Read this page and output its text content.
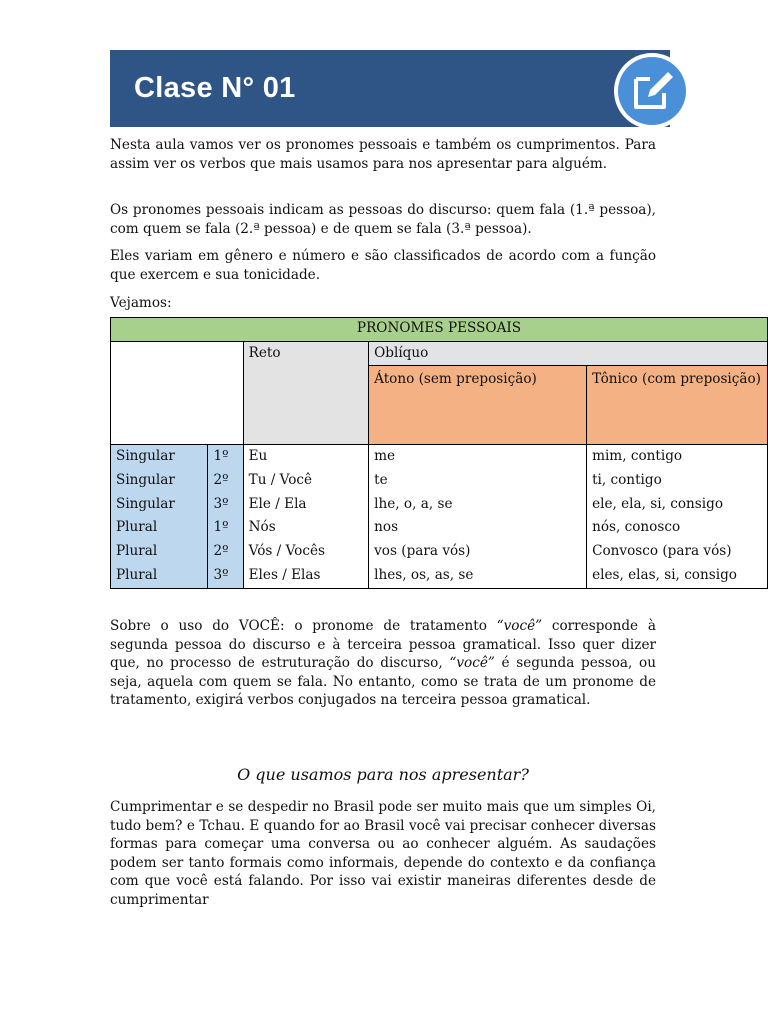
Clase N° 01

Nesta aula vamos ver os pronomes pessoais e também os cumprimentos. Para assim ver os verbos que mais usamos para nos apresentar para alguém.

Os pronomes pessoais indicam as pessoas do discurso: quem fala (1.ª pessoa), com quem se fala (2.ª pessoa) e de quem se fala (3.ª pessoa).

Eles variam em gênero e número e são classificados de acordo com a função que exercem e sua tonicidade.

Vejamos:

PRONOMES PESSOAIS				
		Reto	Oblíquo	
			Átono (sem preposição)	Tônico (com preposição)
Singular	1º	Eu	me	mim, contigo
Singular	2º	Tu / Você	te	ti, contigo
Singular	3º	Ele / Ela	lhe, o, a, se	ele, ela, si, consigo
Plural	1º	Nós	nos	nós, conosco
Plural	2º	Vós / Vocês	vos (para vós)	Convosco (para vós)
Plural	3º	Eles / Elas	lhes, os, as, se	eles, elas, si, consigo

Sobre o uso do VOCÊ: o pronome de tratamento “você” corresponde à segunda pessoa do discurso e à terceira pessoa gramatical. Isso quer dizer que, no processo de estruturação do discurso, “você” é segunda pessoa, ou seja, aquela com quem se fala. No entanto, como se trata de um pronome de tratamento, exigirá verbos conjugados na terceira pessoa gramatical.

O que usamos para nos apresentar?

Cumprimentar e se despedir no Brasil pode ser muito mais que um simples Oi, tudo bem? e Tchau. E quando for ao Brasil você vai precisar conhecer diversas formas para começar uma conversa ou ao conhecer alguém. As saudações podem ser tanto formais como informais, depende do contexto e da confiança com que você está falando. Por isso vai existir maneiras diferentes desde de cumprimentar
